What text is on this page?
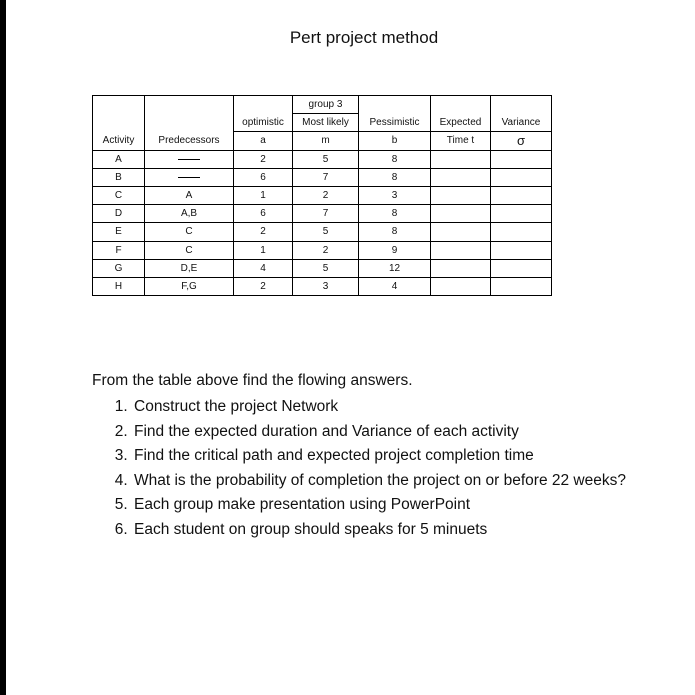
Pert project method
			group 3			
		optimistic	Most likely	Pessimistic	Expected	Variance
Activity	Predecessors	a	m	b	Time t	σ
A		2	5	8		
B		6	7	8		
C	A	1	2	3		
D	A,B	6	7	8		
E	C	2	5	8		
F	C	1	2	9		
G	D,E	4	5	12		
H	F,G	2	3	4		
From the table above find the flowing answers.
1. Construct the project Network
2. Find the expected duration and Variance of each activity
3. Find the critical path and expected project completion time
4. What is the probability of completion the project on or before 22 weeks?
5. Each group make presentation using PowerPoint
6. Each student on group should speaks for 5 minuets
